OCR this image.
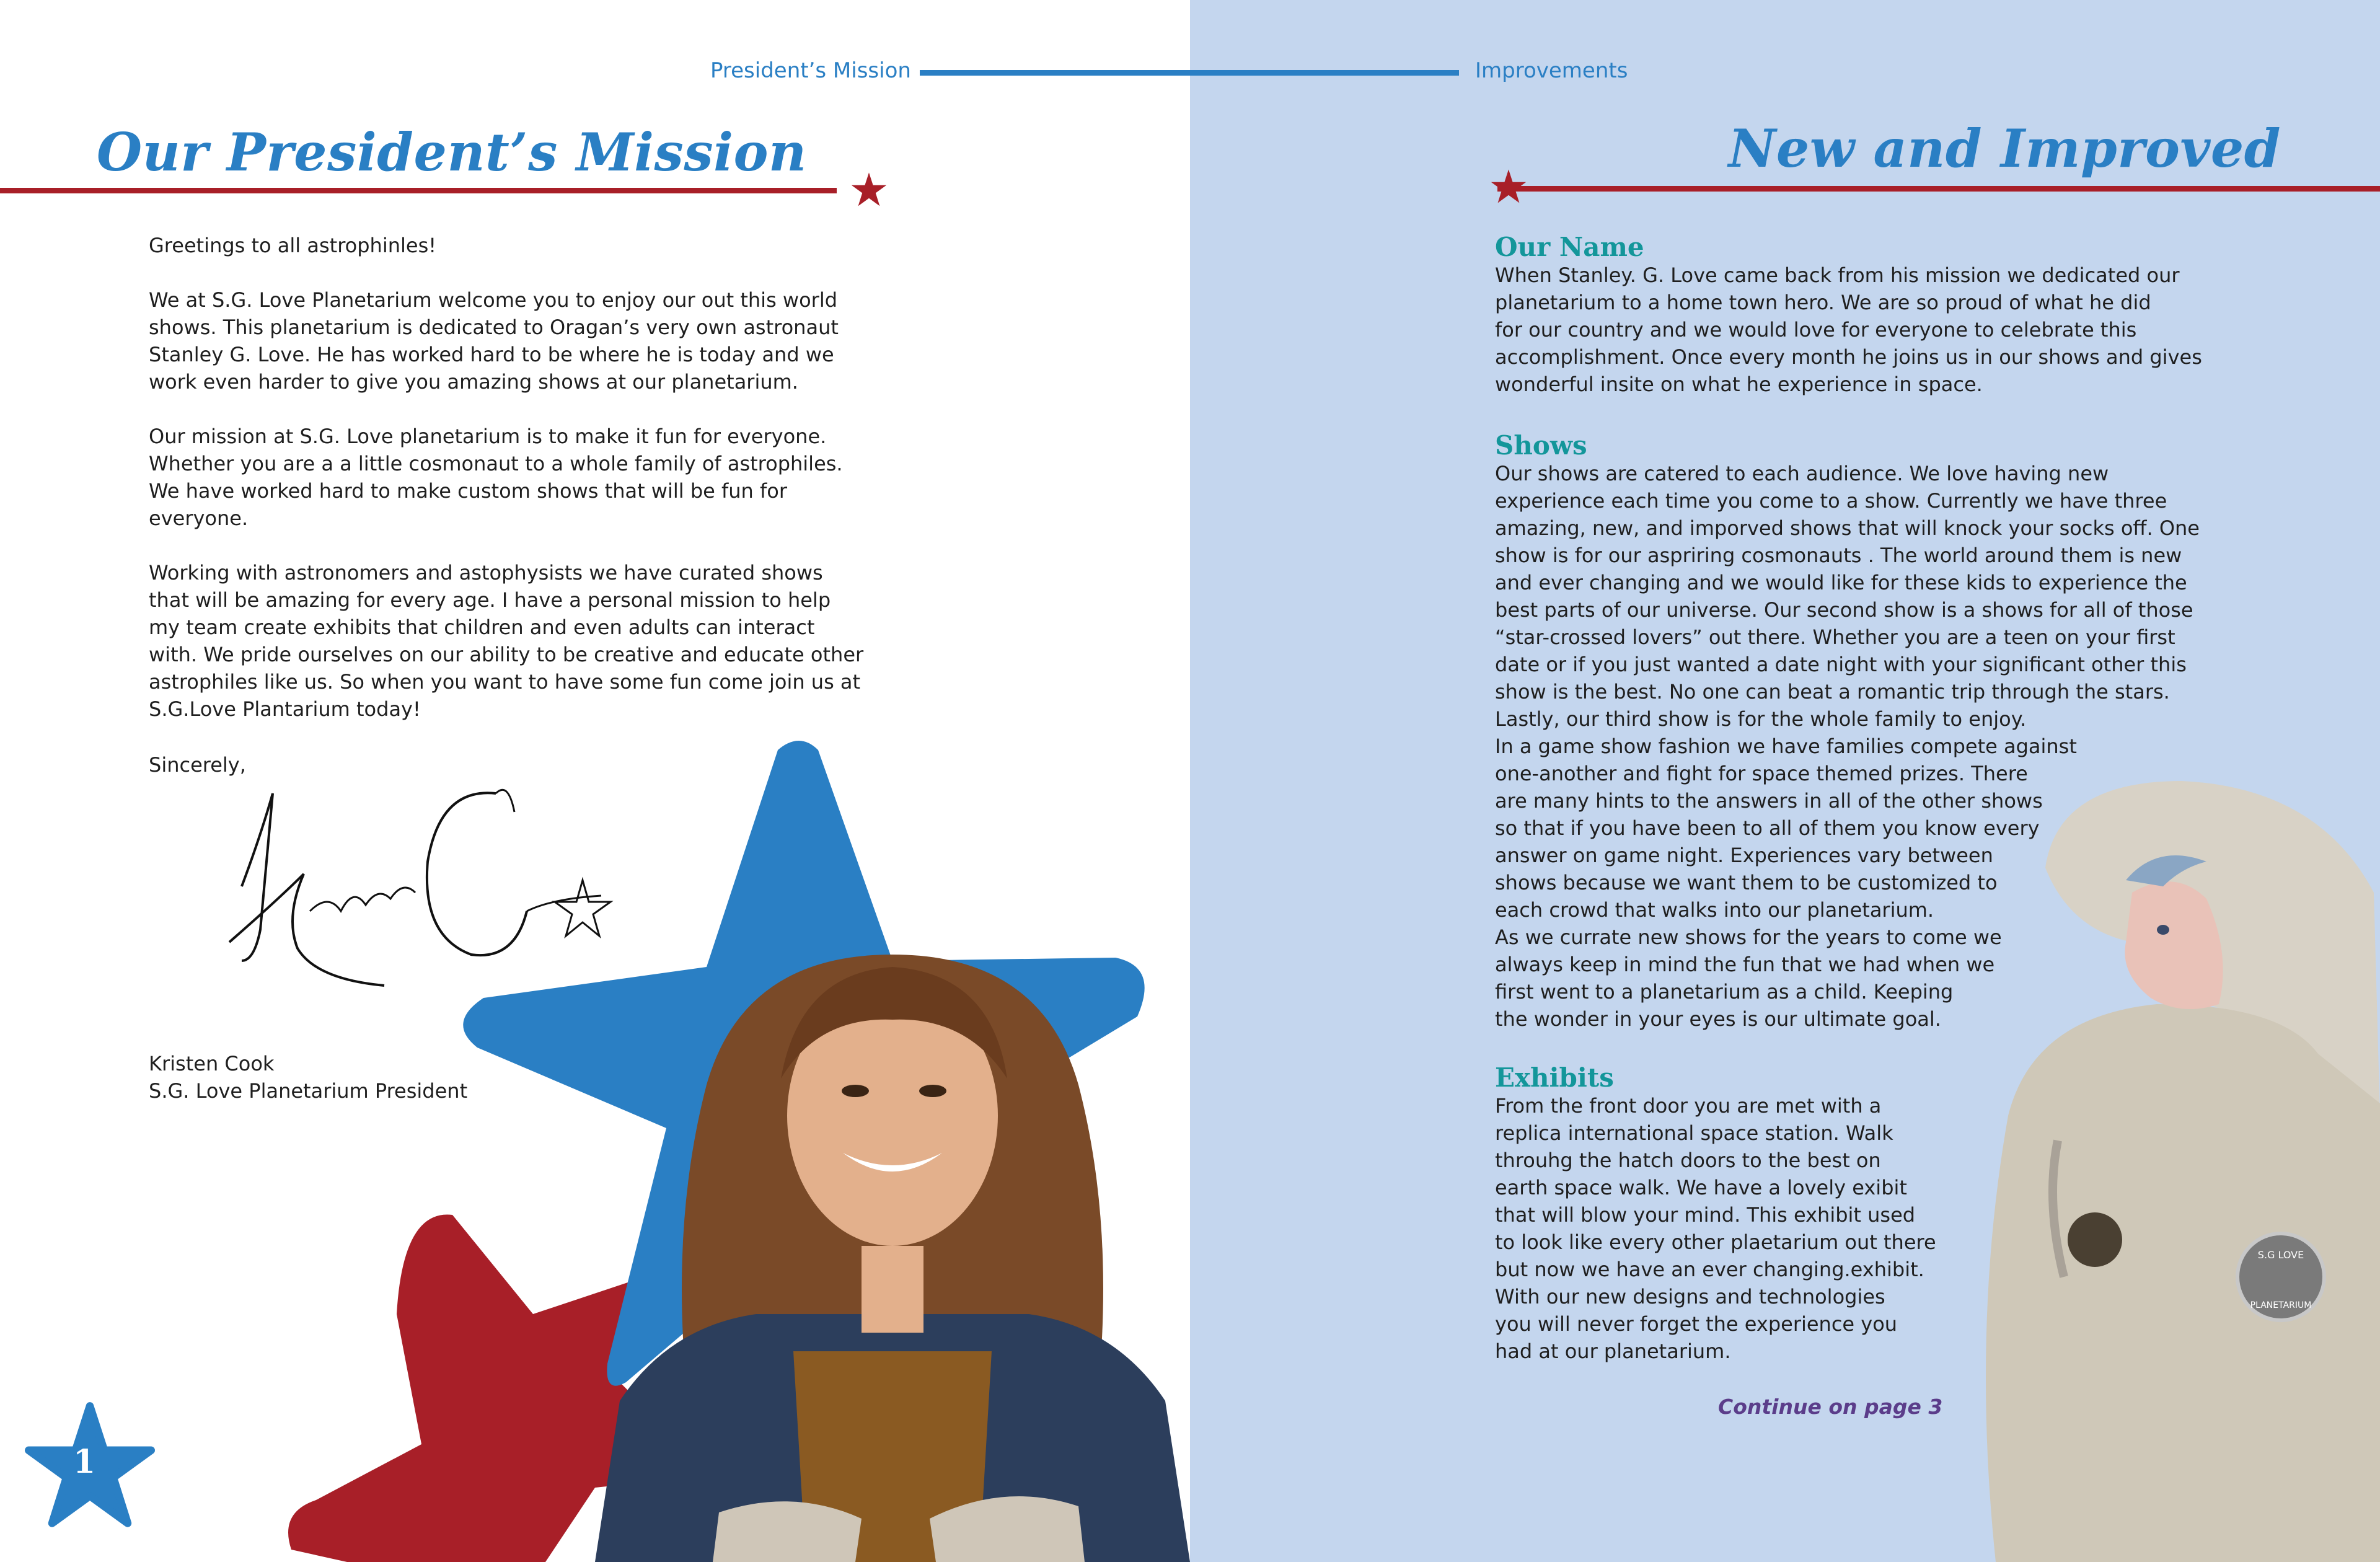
Our President’s Mission

Greetings to all astrophinles!

We at S.G. Love Planetarium welcome you to enjoy our out this world
shows. This planetarium is dedicated to Oragan’s very own astronaut
Stanley G. Love. He has worked hard to be where he is today and we
work even harder to give you amazing shows at our planetarium.

Our mission at S.G. Love planetarium is to make it fun for everyone.
Whether you are a a little cosmonaut to a whole family of astrophiles.
We have worked hard to make custom shows that will be fun for
everyone.

Working with astronomers and astophysists we have curated shows
that will be amazing for every age. I have a personal mission to help
my team create exhibits that children and even adults can interact
with. We pride ourselves on our ability to be creative and educate other
astrophiles like us. So when you want to have some fun come join us at
S.G.Love Plantarium today!

Sincerely,
Kristen Cook
S.G. Love Planetarium President
1
S.G LOVE
PLANETARIUM
New and Improved
Our Name
When Stanley. G. Love came back from his mission we dedicated our
planetarium to a home town hero. We are so proud of what he did
for our country and we would love for everyone to celebrate this
accomplishment. Once every month he joins us in our shows and gives
wonderful insite on what he experience in space.
Shows
Our shows are catered to each audience. We love having new
experience each time you come to a show. Currently we have three
amazing, new, and imporved shows that will knock your socks off. One
show is for our aspriring cosmonauts . The world around them is new
and ever changing and we would like for these kids to experience the
best parts of our universe. Our second show is a shows for all of those
“star-crossed lovers” out there. Whether you are a teen on your first
date or if you just wanted a date night with your significant other this
show is the best. No one can beat a romantic trip through the stars.
Lastly, our third show is for the whole family to enjoy.
In a game show fashion we have families compete against
one-another and fight for space themed prizes. There
are many hints to the answers in all of the other shows
so that if you have been to all of them you know every
answer on game night. Experiences vary between
shows because we want them to be customized to
each crowd that walks into our planetarium.
As we currate new shows for the years to come we
always keep in mind the fun that we had when we
first went to a planetarium as a child. Keeping
the wonder in your eyes is our ultimate goal.
Exhibits
From the front door you are met with a
replica international space station. Walk
throuhg the hatch doors to the best on
earth space walk. We have a lovely exibit
that will blow your mind. This exhibit used
to look like every other plaetarium out there
but now we have an ever changing.exhibit.
With our new designs and technologies
you will never forget the experience you
had at our planetarium.
Continue on page 3
President’s Mission	Improvements
